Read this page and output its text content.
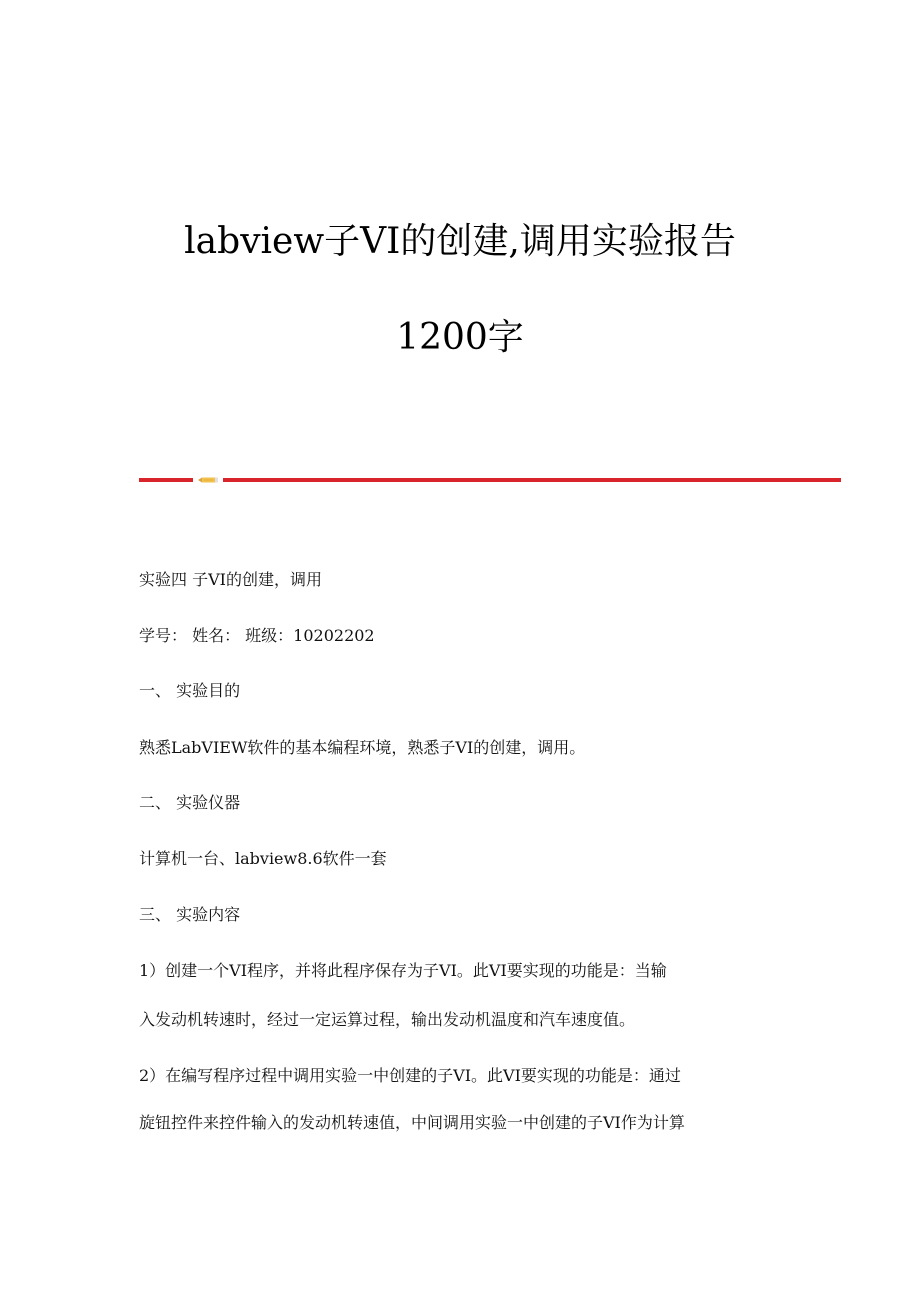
labview子VI的创建,调用实验报告
1200字
实验四 子VI的创建，调用
学号： 姓名： 班级：10202202
一、 实验目的
熟悉LabVIEW软件的基本编程环境，熟悉子VI的创建，调用。
二、 实验仪器
计算机一台、labview8.6软件一套
三、 实验内容
1）创建一个VI程序，并将此程序保存为子VI。此VI要实现的功能是：当输
入发动机转速时，经过一定运算过程，输出发动机温度和汽车速度值。
2）在编写程序过程中调用实验一中创建的子VI。此VI要实现的功能是：通过
旋钮控件来控件输入的发动机转速值，中间调用实验一中创建的子VI作为计算
